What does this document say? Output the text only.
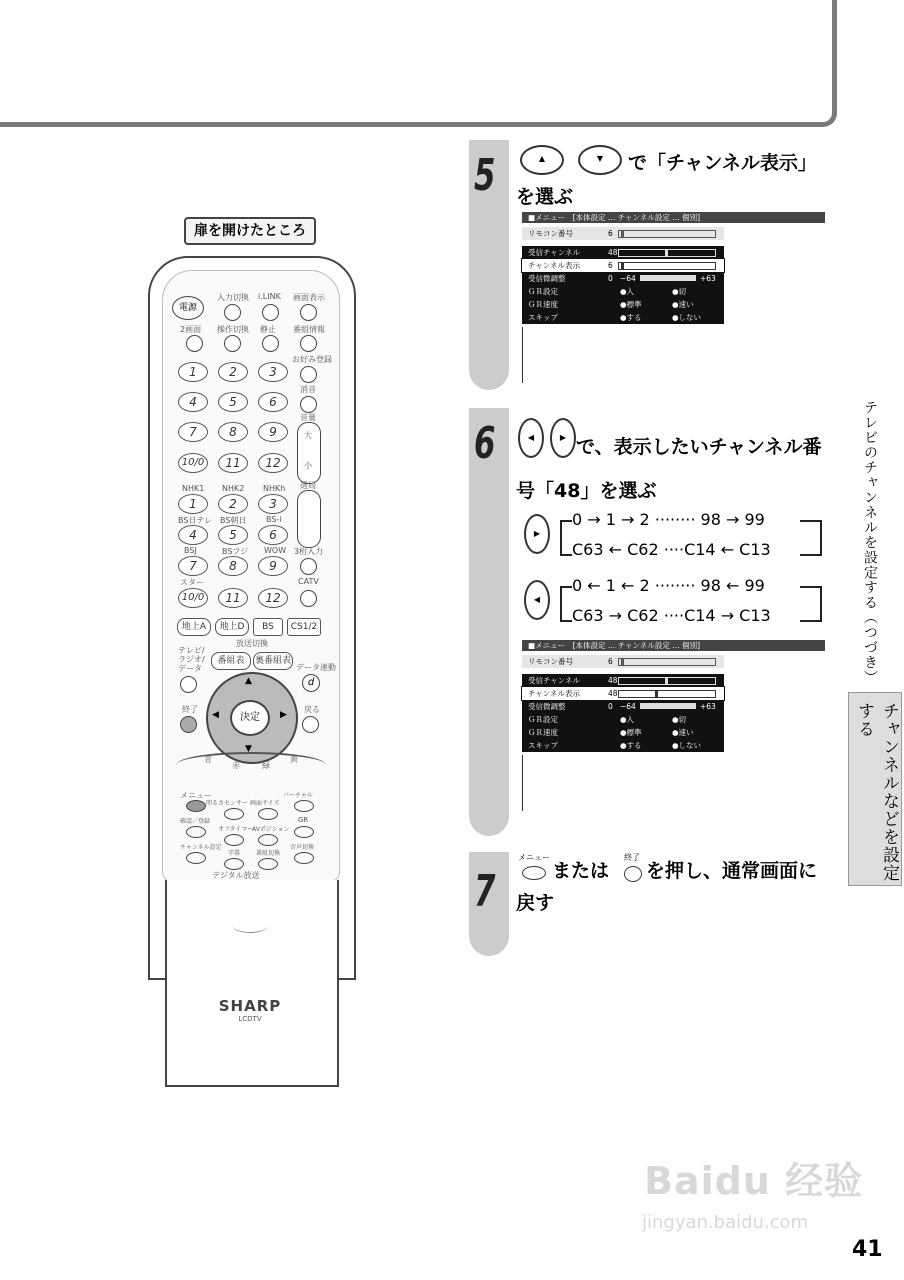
扉を開けたところ
電源
入力切換 i.LINK 画面表示
2画面 操作切換 静止 番組情報
お好み登録
消音
音量
大
小
1	2	3
4	5	6
7	8	9
10/0	11	12
選局
NHK1 NHK2 NHKh
1	2	3
BS日テレ BS朝日 BS-i
4	5	6
BSJ	BSフジ WOW 3桁入力
7	8	9
スター	CATV
10/0	11	12
地上A	地上D	BS	CS1/2
放送切換
テレビ/ラジオ/データ
番組表	裏番組表
データ連動
d
終了	戻る
▲
▼
◀	▶
決定
青
赤	緑
黄
メニュー
明るさセンサー 画面サイズ
バーチャル
確認／登録
オフタイマー
AVポジション
GR
チャンネル設定
字幕	番組切換
音声切換
デジタル放送
SHARP
LCDTV
5	▲	▼	で「チャンネル表示」
を選ぶ
■メニュー　[本体設定 … チャンネル設定 … 個別]
リモコン番号	6
受信チャンネル	48
チャンネル表示	6
受信微調整	0 −64	+63
ＧＲ設定	●入	●切
ＧＲ速度	●標準	●速い
スキップ	●する	●しない
6	◀	▶ で、表示したいチャンネル番
号「48」を選ぶ
▶
0 → 1 → 2 ········ 98 → 99
C63 ← C62 ····C14 ← C13
◀
0 ← 1 ← 2 ········ 98 ← 99
C63 → C62 ····C14 → C13
■メニュー　[本体設定 … チャンネル設定 … 個別]
リモコン番号	6
受信チャンネル	48
チャンネル表示	48
受信微調整	0 −64	+63
ＧＲ設定	●入	●切
ＧＲ速度	●標準	●速い
スキップ	●する	●しない
7
メニュー
または
終了
を押し、通常画面に
戻す
テレビのチャンネルを設定する（つづき）
チャンネルなどを設定する
Baidu 经验
jingyan.baidu.com
41
